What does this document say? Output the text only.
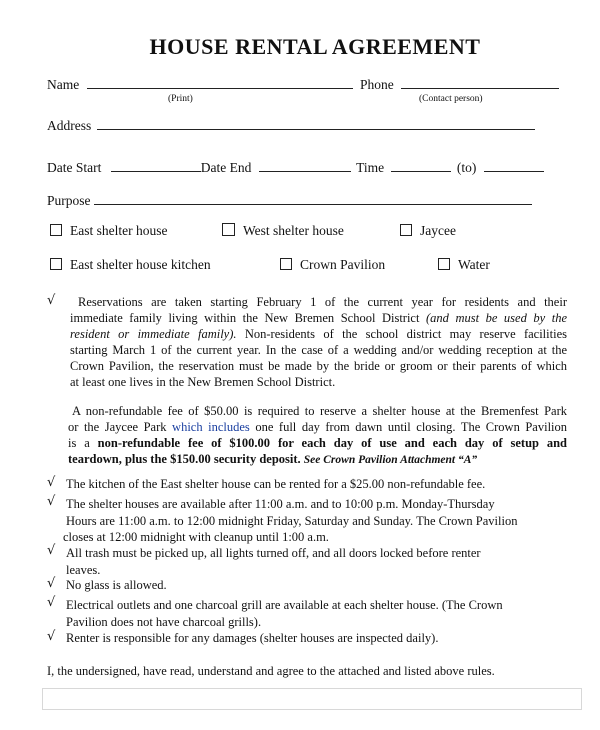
HOUSE RENTAL AGREEMENT
Name	Phone
(Print)	(Contact person)
Address
Date Start	Date End	Time	(to)
Purpose
East shelter house	West shelter house	Jaycee
East shelter house kitchen	Crown Pavilion	Water
√	Reservations are taken starting February 1 of the current year for residents and their
immediate family living within the New Bremen School District (and must be used by the
resident or immediate family). Non-residents of the school district may reserve facilities
starting March 1 of the current year. In the case of a wedding and/or wedding reception at the
Crown Pavilion, the reservation must be made by the bride or groom or their parents of which
at least one lives in the New Bremen School District.
A non-refundable fee of $50.00 is required to reserve a shelter house at the Bremenfest Park
or the Jaycee Park which includes one full day from dawn until closing. The Crown Pavilion
is a non-refundable fee of $100.00 for each day of use and each day of setup and
teardown, plus the $150.00 security deposit. See Crown Pavilion Attachment “A”
√ The kitchen of the East shelter house can be rented for a $25.00 non-refundable fee.
√ The shelter houses are available after 11:00 a.m. and to 10:00 p.m. Monday-Thursday
Hours are 11:00 a.m. to 12:00 midnight Friday, Saturday and Sunday. The Crown Pavilion
closes at 12:00 midnight with cleanup until 1:00 a.m.
√ All trash must be picked up, all lights turned off, and all doors locked before renter
leaves.
√ No glass is allowed.
√ Electrical outlets and one charcoal grill are available at each shelter house. (The Crown
Pavilion does not have charcoal grills).
√ Renter is responsible for any damages (shelter houses are inspected daily).
I, the undersigned, have read, understand and agree to the attached and listed above rules.
